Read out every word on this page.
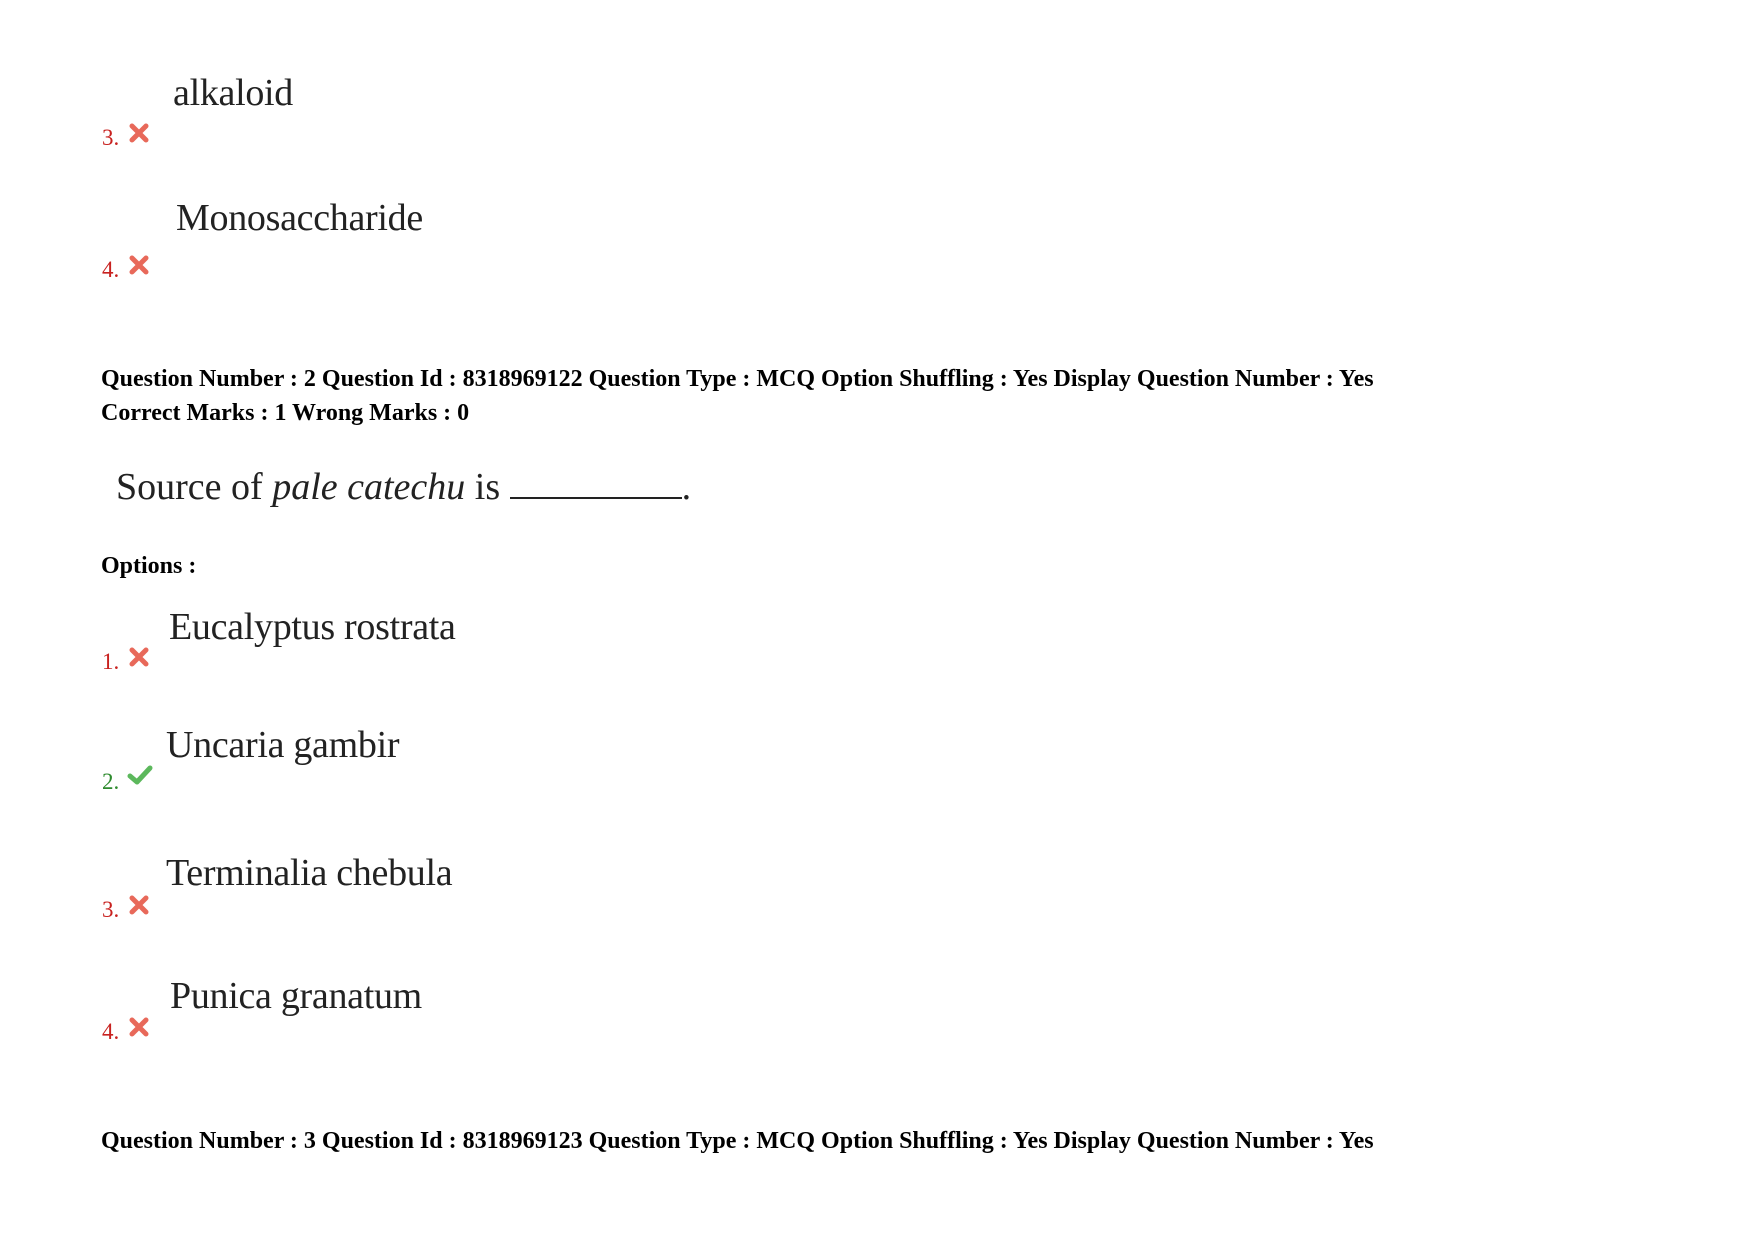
alkaloid
3.
Monosaccharide
4.
Question Number : 2 Question Id : 8318969122 Question Type : MCQ Option Shuffling : Yes Display Question Number : Yes
Correct Marks : 1 Wrong Marks : 0
Source of pale catechu is	.
Options :
Eucalyptus rostrata
1.
Uncaria gambir
2.
Terminalia chebula
3.
Punica granatum
4.
Question Number : 3 Question Id : 8318969123 Question Type : MCQ Option Shuffling : Yes Display Question Number : Yes
